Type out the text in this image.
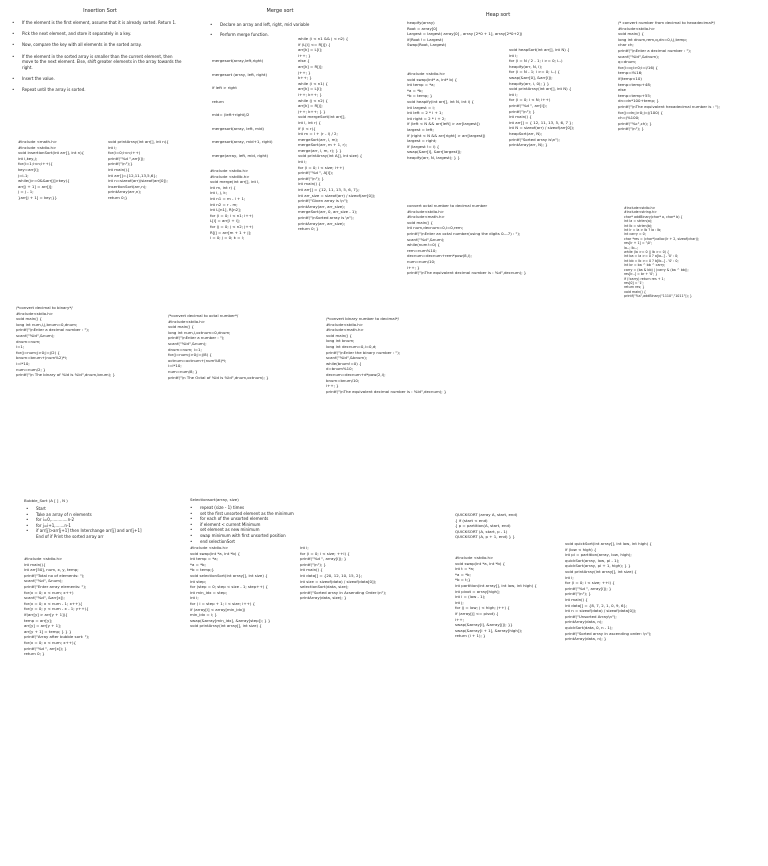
Insertion Sort
•	If the element is the first element, assume that it is already sorted. Return 1.
•	Pick the next element, and store it separately in a key.
•	Now, compare the key with all elements in the sorted array.
•	If the element in the sorted array is smaller than the current element, then move to the next element. Else, shift greater elements in the array towards the right.
•	Insert the value.
•	Repeat until the array is sorted.
#include <math.h>
#include <stdio.h>
void insertionSort(int arr[], int n){
int i,key,j;
for(i=1;i<n;i++){
key=arr[i];
j=i-1;
while(j>=0&&arr[j]>key){
arr[j + 1] = arr[j];
j = j - 1;
}arr[j + 1] = key;}}
void printArray(int arr[], int n){
int i;
for(i=0;i<n;i++)
printf("%d ",arr[i]);
printf("\n");}
int main(){
int arr[]={12,11,13,5,6};
int n=sizeof(arr)/sizeof(arr[0]);
insertionSort(arr,n);
printArray(arr,n);
return 0;}
Merge sort
•	Declare an array and left, right, mid variable
•	Perform merge function.
mergesort(array,left,right)
mergesort (array, left, right)
if left > right
return
mid= (left+right)/2
mergesort(array, left, mid)
mergesort(array, mid+1, right)
merge(array, left, mid, right)
while (i < n1 && j < n2) {
if (L[i] <= R[j]) {
arr[k] = L[i];
i++; }
else {
arr[k] = R[j];
j++; }
k++; }
while (i < n1) {
arr[k] = L[i];
i++; k++; }
while (j < n2) {
arr[k] = R[j];
j++; k++; } }
void mergeSort(int arr[],
int l, int r) {
if (l < r){
int m = l + (r - l) / 2;
mergeSort(arr, l, m);
mergeSort(arr, m + 1, r);
merge(arr, l, m, r); } }
void printArray(int A[], int size) {
int i;
for (i = 0; i < size; i++)
printf("%d ", A[i]);
printf("\n"); }
int main() {
int arr[] = {12, 11, 13, 5, 6, 7};
int arr_size = sizeof(arr) / sizeof(arr[0]);
printf("Given array is \n");
printArray(arr, arr_size);
mergeSort(arr, 0, arr_size - 1);
printf("\nSorted array is \n");
printArray(arr, arr_size);
return 0; }
#include <stdio.h>
#include <stdlib.h>
void merge(int arr[], int l,
int m, int r) {
int i, j, k;
int n1 = m - l + 1;
int n2 = r - m;
int L[n1], R[n2];
for (i = 0; i < n1; i++)
L[i] = arr[l + i];
for (j = 0; j < n2; j++)
R[j] = arr[m + 1 + j];
i = 0; j = 0; k = l;
Heap sort
heapify(array)
Root = array[0]
Largest = largest( array[0] , array [2*0 + 1], array[2*0+2])
if(Root != Largest)
Swap(Root, Largest)
#include <stdio.h>
void swap(int* a, int* b) {
int temp = *a;
*a = *b;
*b = temp; }
void heapify(int arr[], int N, int i) {
int largest = i;
int left = 2 * i + 1;
int right = 2 * i + 2;
if (left < N && arr[left] > arr[largest])
largest = left;
if (right < N && arr[right] > arr[largest])
largest = right;
if (largest != i) {
swap(&arr[i], &arr[largest]);
heapify(arr, N, largest); } }
void heapSort(int arr[], int N) {
int i;
for (i = N / 2 - 1; i >= 0; i--)
heapify(arr, N, i);
for (i = N - 1; i >= 0; i--) {
swap(&arr[0], &arr[i]);
heapify(arr, i, 0); } }
void printArray(int arr[], int N) {
int i;
for (i = 0; i < N; i++)
printf("%d ", arr[i]);
printf("\n"); }
int main() {
int arr[] = { 12, 11, 13, 5, 6, 7 };
int N = sizeof(arr) / sizeof(arr[0]);
heapSort(arr, N);
printf("Sorted array is\n");
printArray(arr, N); }
/* convert number from decimal to hexadecimal*/
#include<stdio.h>
void main() {
long int dnum,rem,q,dn=0,i,j,temp;
char ch;
printf("\nEnter a decimal number : ");
scanf("%ld",&dnum);
q=dnum;
for(i=q;i>0;i=i/16) {
temp=i%16;
if(temp<10)
temp=temp+48;
else
temp=temp+55;
dn=dn*100+temp; }
printf("\nThe equivalent hexadecimal number is : ");
for(j=dn;j>0;j=j/100) {
ch=j%100;
printf("%c",ch); }
printf("\n"); }
convert octal number to decimal number
#include<stdio.h>
#include<math.h>
void main() {
int num,decnum=0,i=0,rem;
printf("\nEnter an octal number(using the digits 0---7) : ");
scanf("%d",&num);
while(num!=0) {
rem=num%10;
decnum=decnum+rem*pow(8,i);
num=num/10;
i++; }
printf("\nThe equivalent decimal number is : %d",decnum); }
#include<stdio.h>
#include<string.h>
char* addBinary(char* a, char* b) {
int la = strlen(a);
int lb = strlen(b);
int lr = la > lb ? la : lb;
int carry = 0;
char *res = (char*)calloc(lr + 2, sizeof(char));
res[lr + 1] = '\0';
la--; lb--;
while (la >= 0 || lb >= 0) {
int ba = la >= 0 ? a[la--] - '0' : 0;
int bb = lb >= 0 ? b[lb--] - '0' : 0;
int br = ba ^ bb ^ carry;
carry = (ba & bb) | (carry & (ba ^ bb));
res[lr--] = br + '0'; }
if (!carry) return res + 1;
res[0] = '1';
return res; }
void main() {
printf("%s",addBinary("1110","1011")); }
/*convert decimal to binary*/
#include<stdio.h>
void main() {
long int num,i,j,bnum=0,dnum;
printf("\nEnter a decimal number : ");
scanf("%ld",&num);
dnum=num;
i=1;
for(j=num;j>0;j=j/2) {
bnum=bnum+(num%2)*i;
i=i*10;
num=num/2; }
printf("\n The binary of %ld is %ld",dnum,bnum); }
/*convert decimal to octal number*/
#include<stdio.h>
void main() {
long int num,i,octnum=0,dnum;
printf("\nEnter a number : ");
scanf("%ld",&num);
dnum=num; i=1;
for(j=num;j>0;j=j/8) {
octnum=octnum+(num%8)*i;
i=i*10;
num=num/8; }
printf("\n The Octal of %ld is %ld",dnum,octnum); }
/*convert binary number to decimal*/
#include<stdio.h>
#include<math.h>
void main() {
long int bnum;
long int decnum=0,i=0,d;
printf("\nEnter the binary number : ");
scanf("%ld",&bnum);
while(bnum!=0) {
d=bnum%10;
decnum=decnum+d*pow(2,i);
bnum=bnum/10;
i++; }
printf("\nThe equivalent decimal number is : %ld",decnum); }
Bubble_Sort (A [ ] , N )
•	Start
•	Take an array of n elements
•	for i=0,.............n-2
•	for j=i+1,.......n-1
•	if arr[j]>arr[j+1] then Interchange arr[j] and arr[j+1]
End of if Print the sorted array arr
#include <stdio.h>
int main(){
int arr[50], num, x, y, temp;
printf("Total no of elements: ");
scanf("%d", &num);
printf("Enter array elements: ");
for(x = 0; x < num; x++)
scanf("%d", &arr[x]);
for(x = 0; x < num - 1; x++){
for(y = 0; y < num - x - 1; y++){
if(arr[y] > arr[y + 1]){
temp = arr[y];
arr[y] = arr[y + 1];
arr[y + 1] = temp; } } }
printf("Array after bubble sort: ");
for(x = 0; x < num; x++){
printf("%d ", arr[x]); }
return 0; }
Selectionsort(array, size)
•	repeat (size - 1) times
•	set the first unsorted element as the minimum
•	for each of the unsorted elements
•	if element < current Minimum
•	set element as new minimum
•	swap minimum with first unsorted position
•	end selectionSort
#include <stdio.h>
void swap(int *a, int *b) {
int temp = *a;
*a = *b;
*b = temp;}
void selectionSort(int array[], int size) {
int step;
for (step = 0; step < size - 1; step++) {
int min_idx = step;
int i;
for ( i = step + 1; i < size; i++) {
if (array[i] < array[min_idx])
min_idx = i; }
swap(&array[min_idx], &array[step]); } }
void printArray(int array[], int size) {
int i;
for (i = 0; i < size; ++i) {
printf("%d ", array[i]); }
printf("\n"); }
int main() {
int data[] = {20, 12, 10, 15, 2};
int size = sizeof(data) / sizeof(data[0]);
selectionSort(data, size);
printf("Sorted array in Acsending Order:\n");
printArray(data, size); }
QUICKSORT (array A, start, end)
{ if (start < end)
{ p = partition(A, start, end)
QUICKSORT (A, start, p - 1)
QUICKSORT (A, p + 1, end) } }
#include <stdio.h>
void swap(int *a, int *b) {
int t = *a;
*a = *b;
*b = t;}
int partition(int array[], int low, int high) {
int pivot = array[high];
int i = (low - 1);
int j;
for (j = low; j < high; j++) {
if (array[j] <= pivot) {
i++;
swap(&array[i], &array[j]); }}
swap(&array[i + 1], &array[high]);
return (i + 1); }
void quickSort(int array[], int low, int high) {
if (low < high) {
int pi = partition(array, low, high);
quickSort(array, low, pi - 1);
quickSort(array, pi + 1, high); } }
void printArray(int array[], int size) {
int i;
for (i = 0; i < size; ++i) {
printf("%d ", array[i]); }
printf("\n"); }
int main() {
int data[] = {8, 7, 2, 1, 0, 9, 6};
int n = sizeof(data) / sizeof(data[0]);
printf("Unsorted Array\n");
printArray(data, n);
quickSort(data, 0, n - 1);
printf("Sorted array in ascending order: \n");
printArray(data, n); }
